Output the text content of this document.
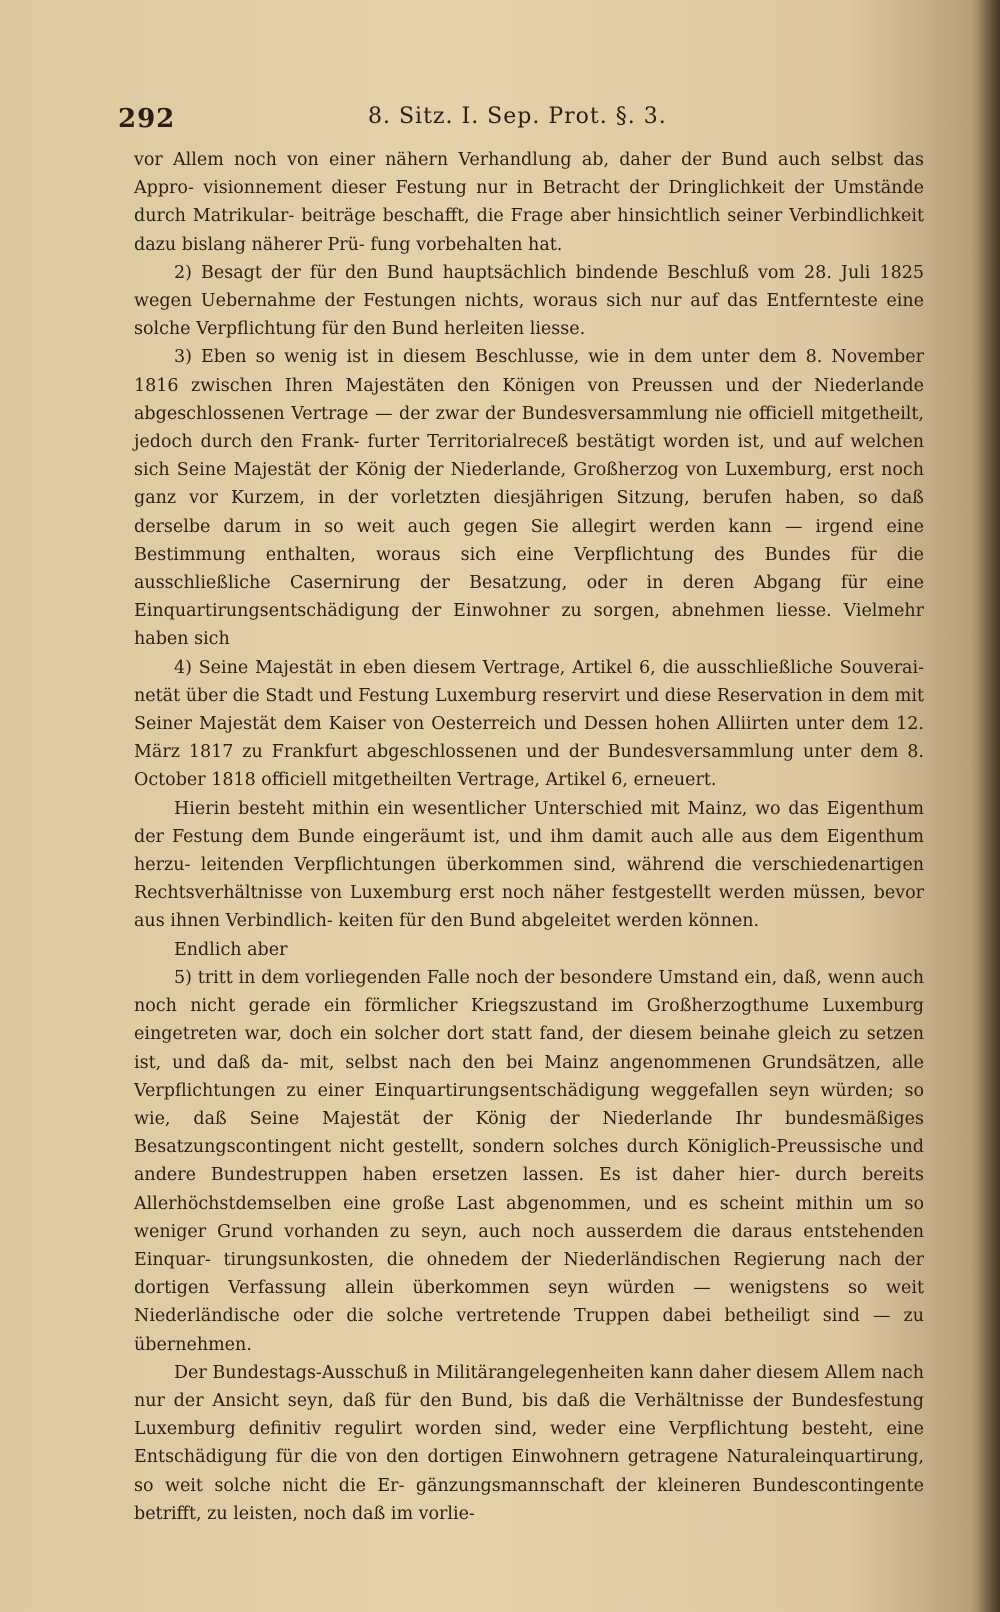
292	8. Sitz. I. Sep. Prot. §. 3.

vor Allem noch von einer nähern Verhandlung ab, daher der Bund auch selbst das Appro- visionnement dieser Festung nur in Betracht der Dringlichkeit der Umstände durch Matrikular- beiträge beschafft, die Frage aber hinsichtlich seiner Verbindlichkeit dazu bislang näherer Prü- fung vorbehalten hat.

2) Besagt der für den Bund hauptsächlich bindende Beschluß vom 28. Juli 1825 wegen Uebernahme der Festungen nichts, woraus sich nur auf das Entfernteste eine solche Verpflichtung für den Bund herleiten liesse.

3) Eben so wenig ist in diesem Beschlusse, wie in dem unter dem 8. November 1816 zwischen Ihren Majestäten den Königen von Preussen und der Niederlande abgeschlossenen Vertrage — der zwar der Bundesversammlung nie officiell mitgetheilt, jedoch durch den Frank- furter Territorialreceß bestätigt worden ist, und auf welchen sich Seine Majestät der König der Niederlande, Großherzog von Luxemburg, erst noch ganz vor Kurzem, in der vorletzten diesjährigen Sitzung, berufen haben, so daß derselbe darum in so weit auch gegen Sie allegirt werden kann — irgend eine Bestimmung enthalten, woraus sich eine Verpflichtung des Bundes für die ausschließliche Casernirung der Besatzung, oder in deren Abgang für eine Einquartirungsentschädigung der Einwohner zu sorgen, abnehmen liesse. Vielmehr haben sich

4) Seine Majestät in eben diesem Vertrage, Artikel 6, die ausschließliche Souverai- netät über die Stadt und Festung Luxemburg reservirt und diese Reservation in dem mit Seiner Majestät dem Kaiser von Oesterreich und Dessen hohen Alliirten unter dem 12. März 1817 zu Frankfurt abgeschlossenen und der Bundesversammlung unter dem 8. October 1818 officiell mitgetheilten Vertrage, Artikel 6, erneuert.

Hierin besteht mithin ein wesentlicher Unterschied mit Mainz, wo das Eigenthum der Festung dem Bunde eingeräumt ist, und ihm damit auch alle aus dem Eigenthum herzu- leitenden Verpflichtungen überkommen sind, während die verschiedenartigen Rechtsverhältnisse von Luxemburg erst noch näher festgestellt werden müssen, bevor aus ihnen Verbindlich- keiten für den Bund abgeleitet werden können.

Endlich aber

5) tritt in dem vorliegenden Falle noch der besondere Umstand ein, daß, wenn auch noch nicht gerade ein förmlicher Kriegszustand im Großherzogthume Luxemburg eingetreten war, doch ein solcher dort statt fand, der diesem beinahe gleich zu setzen ist, und daß da- mit, selbst nach den bei Mainz angenommenen Grundsätzen, alle Verpflichtungen zu einer Einquartirungsentschädigung weggefallen seyn würden; so wie, daß Seine Majestät der König der Niederlande Ihr bundesmäßiges Besatzungscontingent nicht gestellt, sondern solches durch Königlich-Preussische und andere Bundestruppen haben ersetzen lassen. Es ist daher hier- durch bereits Allerhöchstdemselben eine große Last abgenommen, und es scheint mithin um so weniger Grund vorhanden zu seyn, auch noch ausserdem die daraus entstehenden Einquar- tirungsunkosten, die ohnedem der Niederländischen Regierung nach der dortigen Verfassung allein überkommen seyn würden — wenigstens so weit Niederländische oder die solche vertretende Truppen dabei betheiligt sind — zu übernehmen.

Der Bundestags-Ausschuß in Militärangelegenheiten kann daher diesem Allem nach nur der Ansicht seyn, daß für den Bund, bis daß die Verhältnisse der Bundesfestung Luxemburg definitiv regulirt worden sind, weder eine Verpflichtung besteht, eine Entschädigung für die von den dortigen Einwohnern getragene Naturaleinquartirung, so weit solche nicht die Er- gänzungsmannschaft der kleineren Bundescontingente betrifft, zu leisten, noch daß im vorlie-
